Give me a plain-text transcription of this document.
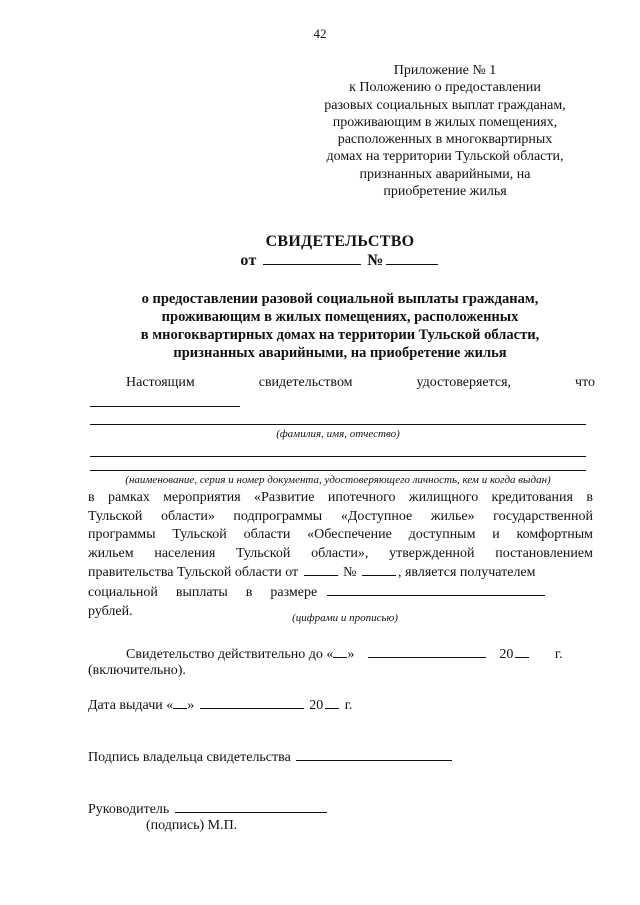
42
Приложение № 1
к Положению о предоставлении
разовых социальных выплат гражданам,
проживающим в жилых помещениях,
расположенных в многоквартирных
домах на территории Тульской области,
признанных аварийными, на
приобретение жилья
СВИДЕТЕЛЬСТВО
от	№
о предоставлении разовой социальной выплаты гражданам,
проживающим в жилых помещениях, расположенных
в многоквартирных домах на территории Тульской области,
признанных аварийными, на приобретение жилья
Настоящим	свидетельством	удостоверяется,	что
(фамилия, имя, отчество)
(наименование, серия и номер документа, удостоверяющего личность, кем и когда выдан)
в рамках мероприятия «Развитие ипотечного жилищного кредитования в
Тульской области» подпрограммы «Доступное жилье» государственной
программы Тульской области «Обеспечение доступным и комфортным
жильем населения Тульской области», утвержденной постановлением
правительства Тульской области от	№	, является получателем
социальной выплаты в размере
рублей.	(цифрами и прописью)
Свидетельство действительно до « »	20	г.
(включительно).
Дата выдачи « »	20 г.
Подпись владельца свидетельства
Руководитель
(подпись) М.П.
